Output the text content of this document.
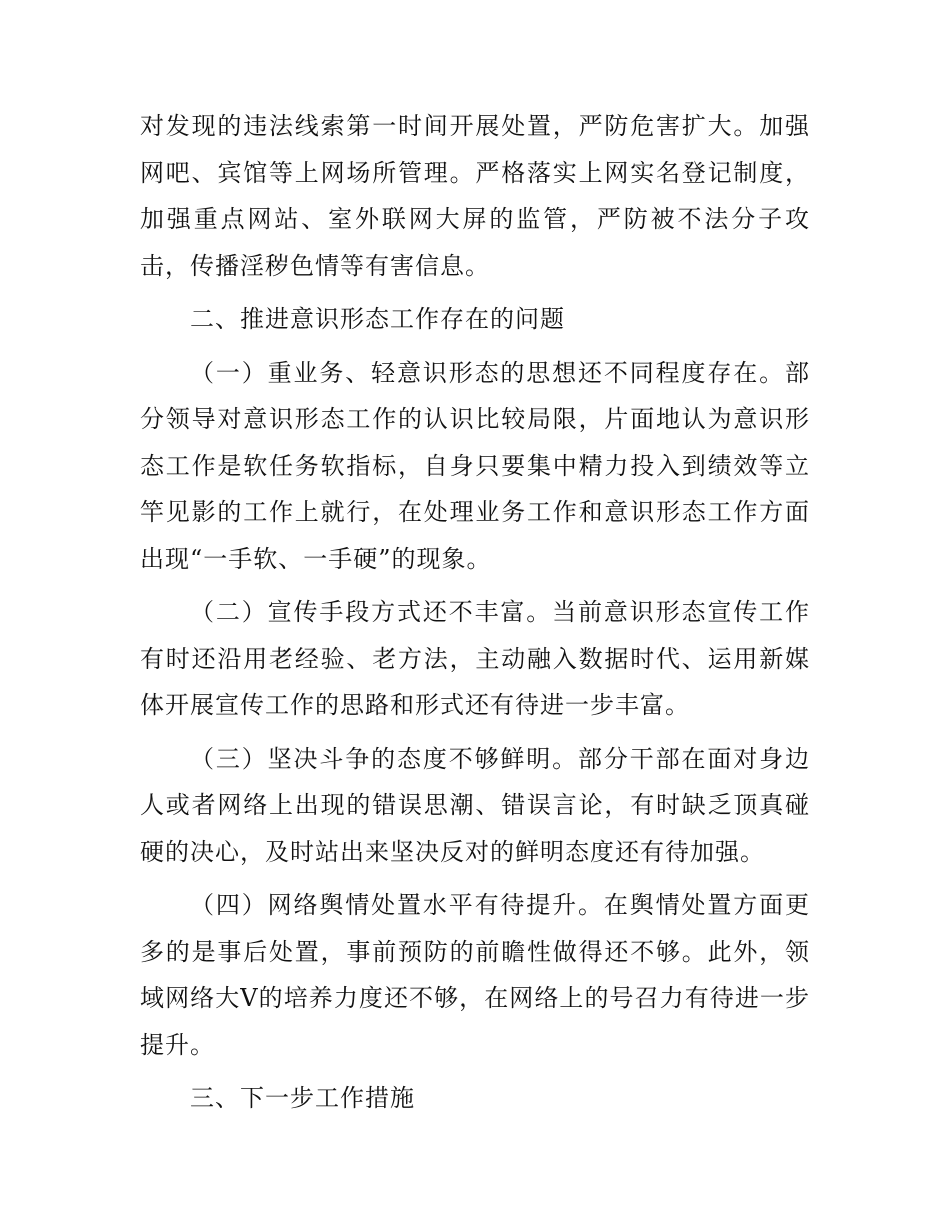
对发现的违法线索第一时间开展处置，严防危害扩大。加强网吧、宾馆等上网场所管理。严格落实上网实名登记制度，加强重点网站、室外联网大屏的监管，严防被不法分子攻击，传播淫秽色情等有害信息。

二、推进意识形态工作存在的问题

（一）重业务、轻意识形态的思想还不同程度存在。部分领导对意识形态工作的认识比较局限，片面地认为意识形态工作是软任务软指标，自身只要集中精力投入到绩效等立竿见影的工作上就行，在处理业务工作和意识形态工作方面出现“一手软、一手硬”的现象。

（二）宣传手段方式还不丰富。当前意识形态宣传工作有时还沿用老经验、老方法，主动融入数据时代、运用新媒体开展宣传工作的思路和形式还有待进一步丰富。

（三）坚决斗争的态度不够鲜明。部分干部在面对身边人或者网络上出现的错误思潮、错误言论，有时缺乏顶真碰硬的决心，及时站出来坚决反对的鲜明态度还有待加强。

（四）网络舆情处置水平有待提升。在舆情处置方面更多的是事后处置，事前预防的前瞻性做得还不够。此外，领域网络大Ⅴ的培养力度还不够，在网络上的号召力有待进一步提升。

三、下一步工作措施
